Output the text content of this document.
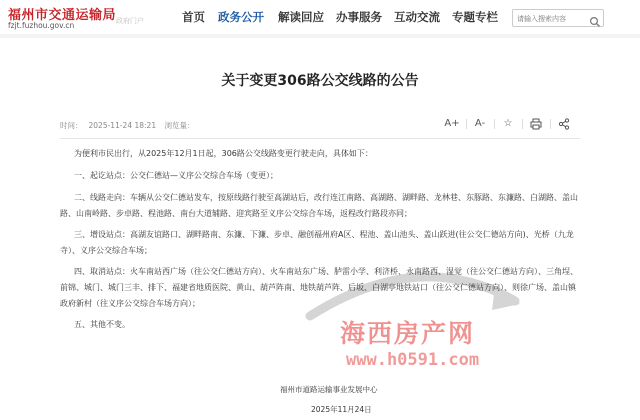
福州市交通运输局
fzjt.fuzhou.gov.cn	政府门户	首页 政务公开 解读回应 办事服务 互动交流 专题专栏
请输入搜索内容
关于变更306路公交线路的公告
时间： 2025-11-24 18:21 浏览量：	A+ A-	☆

为便利市民出行，从2025年12月1日起，306路公交线路变更行驶走向，具体如下：

一、起讫站点：公交仁德站—义序公交综合车场（变更）；

二、线路走向：车辆从公交仁德站发车，按原线路行驶至高湖站后，改行连江南路、高湖路、湖畔路、龙林巷、东豚路、东濂路、白湖路、盖山路、山南岭路、步卓路、程池路、南台大道辅路、迎宾路至义序公交综合车场，返程改行路段亦同；

三、增设站点：高湖友谊路口、湖畔路南、东濂、下濂、步卓、融创福州府A区、程池、盖山池头、盖山跃进(往公交仁德站方向)、光桥（九龙寺）、义序公交综合车场；

四、取消站点：火车南站西广场（往公交仁德站方向）、火车南站东广场、胪雷小学、利济桥、永南路西、湿觉（往公交仁德站方向）、三角埕、前锦、城门、城门三丰、排下、福建省地质医院、黄山、葫芦阵南、地铁葫芦阵、后坂、白湖亭地铁站口（往公交仁德站方向）、则徐广场、盖山镇政府新村（往义序公交综合车场方向）；

五、其他不变。	海西房产网
www.h0591.com
福州市道路运输事业发展中心
2025年11月24日
